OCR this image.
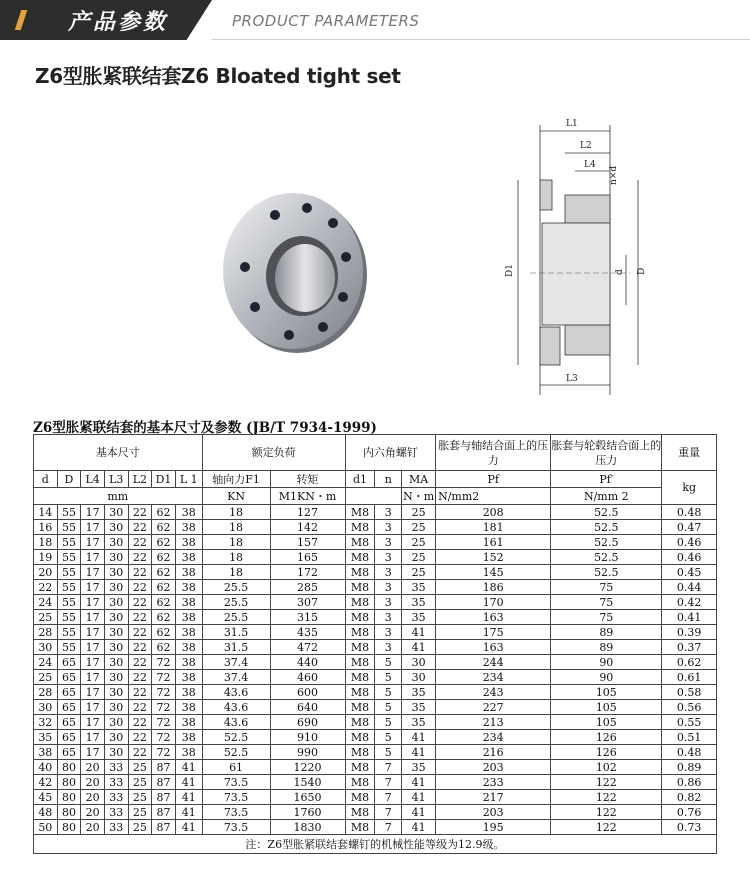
产品参数	PRODUCT PARAMETERS
Z6型胀紧联结套Z6 Bloated tight set
L1
L2
L4
n×d
D1	d D
L3
Z6型胀紧联结套的基本尺寸及参数 (JB/T 7934-1999)
基本尺寸							额定负荷		内六角螺钉			胀套与轴结合面上的压力	胀套与轮毂结合面上的压力	重量
d	D	L4	L3	L2	D1	L 1	轴向力F1	转矩	d1	n	MA	Pf	Pf′	kg
mm							KN	M1KN・m			N・m	N/mm2	N/mm 2	
14	55	17	30	22	62	38	18	127	M8	3	25	208	52.5	0.48
16	55	17	30	22	62	38	18	142	M8	3	25	181	52.5	0.47
18	55	17	30	22	62	38	18	157	M8	3	25	161	52.5	0.46
19	55	17	30	22	62	38	18	165	M8	3	25	152	52.5	0.46
20	55	17	30	22	62	38	18	172	M8	3	25	145	52.5	0.45
22	55	17	30	22	62	38	25.5	285	M8	3	35	186	75	0.44
24	55	17	30	22	62	38	25.5	307	M8	3	35	170	75	0.42
25	55	17	30	22	62	38	25.5	315	M8	3	35	163	75	0.41
28	55	17	30	22	62	38	31.5	435	M8	3	41	175	89	0.39
30	55	17	30	22	62	38	31.5	472	M8	3	41	163	89	0.37
24	65	17	30	22	72	38	37.4	440	M8	5	30	244	90	0.62
25	65	17	30	22	72	38	37.4	460	M8	5	30	234	90	0.61
28	65	17	30	22	72	38	43.6	600	M8	5	35	243	105	0.58
30	65	17	30	22	72	38	43.6	640	M8	5	35	227	105	0.56
32	65	17	30	22	72	38	43.6	690	M8	5	35	213	105	0.55
35	65	17	30	22	72	38	52.5	910	M8	5	41	234	126	0.51
38	65	17	30	22	72	38	52.5	990	M8	5	41	216	126	0.48
40	80	20	33	25	87	41	61	1220	M8	7	35	203	102	0.89
42	80	20	33	25	87	41	73.5	1540	M8	7	41	233	122	0.86
45	80	20	33	25	87	41	73.5	1650	M8	7	41	217	122	0.82
48	80	20	33	25	87	41	73.5	1760	M8	7	41	203	122	0.76
50	80	20	33	25	87	41	73.5	1830	M8	7	41	195	122	0.73
注：Z6型胀紧联结套螺钉的机械性能等级为12.9级。														
